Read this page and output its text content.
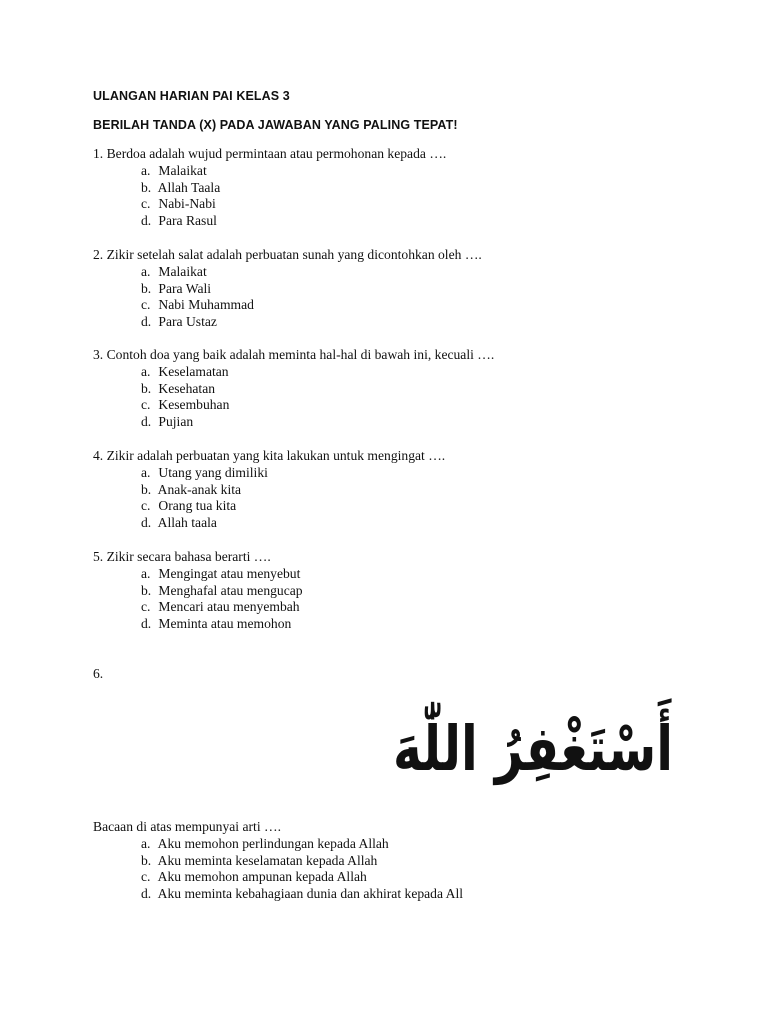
ULANGAN HARIAN PAI KELAS 3
BERILAH TANDA (X) PADA JAWABAN YANG PALING TEPAT!
1. Berdoa adalah wujud permintaan atau permohonan kepada ….
a. Malaikat
b. Allah Taala
c. Nabi-Nabi
d. Para Rasul
2. Zikir setelah salat adalah perbuatan sunah yang dicontohkan oleh ….
a. Malaikat
b. Para Wali
c. Nabi Muhammad
d. Para Ustaz
3. Contoh doa yang baik adalah meminta hal-hal di bawah ini, kecuali ….
a. Keselamatan
b. Kesehatan
c. Kesembuhan
d. Pujian
4. Zikir adalah perbuatan yang kita lakukan untuk mengingat ….
a. Utang yang dimiliki
b. Anak-anak kita
c. Orang tua kita
d. Allah taala
5. Zikir secara bahasa berarti ….
a. Mengingat atau menyebut
b. Menghafal atau mengucap
c. Mencari atau menyembah
d. Meminta atau memohon
6.
أَسْتَغْفِرُ اللّٰهَ
Bacaan di atas mempunyai arti ….
a. Aku memohon perlindungan kepada Allah
b. Aku meminta keselamatan kepada Allah
c. Aku memohon ampunan kepada Allah
d. Aku meminta kebahagiaan dunia dan akhirat kepada All
